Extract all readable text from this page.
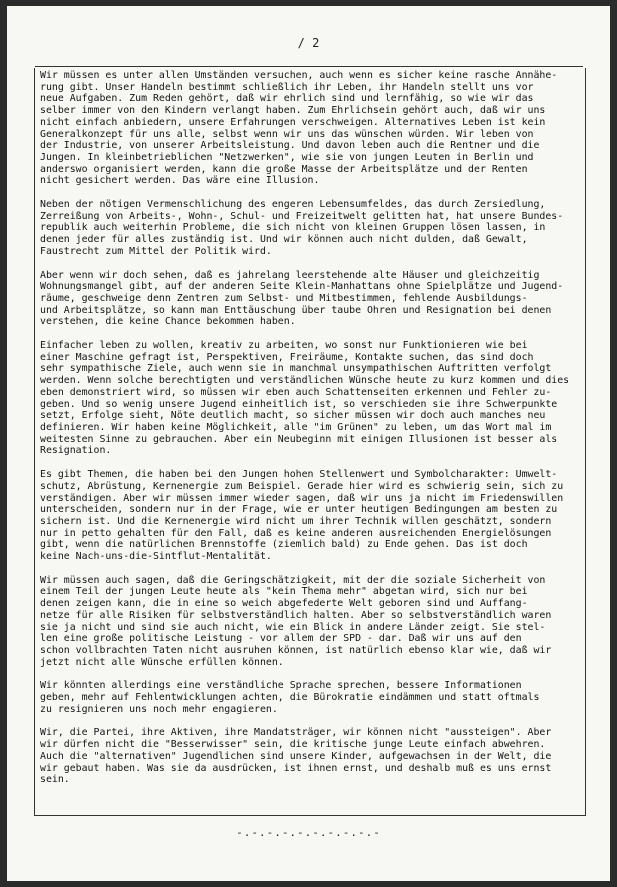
/ 2

Wir müssen es unter allen Umständen versuchen, auch wenn es sicher keine rasche Annähe-
rung gibt. Unser Handeln bestimmt schließlich ihr Leben, ihr Handeln stellt uns vor
neue Aufgaben. Zum Reden gehört, daß wir ehrlich sind und lernfähig, so wie wir das
selber immer von den Kindern verlangt haben. Zum Ehrlichsein gehört auch, daß wir uns
nicht einfach anbiedern, unsere Erfahrungen verschweigen. Alternatives Leben ist kein
Generalkonzept für uns alle, selbst wenn wir uns das wünschen würden. Wir leben von
der Industrie, von unserer Arbeitsleistung. Und davon leben auch die Rentner und die
Jungen. In kleinbetrieblichen "Netzwerken", wie sie von jungen Leuten in Berlin und
anderswo organisiert werden, kann die große Masse der Arbeitsplätze und der Renten
nicht gesichert werden. Das wäre eine Illusion.

Neben der nötigen Vermenschlichung des engeren Lebensumfeldes, das durch Zersiedlung,
Zerreißung von Arbeits-, Wohn-, Schul- und Freizeitwelt gelitten hat, hat unsere Bundes-
republik auch weiterhin Probleme, die sich nicht von kleinen Gruppen lösen lassen, in
denen jeder für alles zuständig ist. Und wir können auch nicht dulden, daß Gewalt,
Faustrecht zum Mittel der Politik wird.

Aber wenn wir doch sehen, daß es jahrelang leerstehende alte Häuser und gleichzeitig
Wohnungsmangel gibt, auf der anderen Seite Klein-Manhattans ohne Spielplätze und Jugend-
räume, geschweige denn Zentren zum Selbst- und Mitbestimmen, fehlende Ausbildungs-
und Arbeitsplätze, so kann man Enttäuschung über taube Ohren und Resignation bei denen
verstehen, die keine Chance bekommen haben.

Einfacher leben zu wollen, kreativ zu arbeiten, wo sonst nur Funktionieren wie bei
einer Maschine gefragt ist, Perspektiven, Freiräume, Kontakte suchen, das sind doch
sehr sympathische Ziele, auch wenn sie in manchmal unsympathischen Auftritten verfolgt
werden. Wenn solche berechtigten und verständlichen Wünsche heute zu kurz kommen und dies
eben demonstriert wird, so müssen wir eben auch Schattenseiten erkennen und Fehler zu-
geben. Und so wenig unsere Jugend einheitlich ist, so verschieden sie ihre Schwerpunkte
setzt, Erfolge sieht, Nöte deutlich macht, so sicher müssen wir doch auch manches neu
definieren. Wir haben keine Möglichkeit, alle "im Grünen" zu leben, um das Wort mal im
weitesten Sinne zu gebrauchen. Aber ein Neubeginn mit einigen Illusionen ist besser als
Resignation.

Es gibt Themen, die haben bei den Jungen hohen Stellenwert und Symbolcharakter: Umwelt-
schutz, Abrüstung, Kernenergie zum Beispiel. Gerade hier wird es schwierig sein, sich zu
verständigen. Aber wir müssen immer wieder sagen, daß wir uns ja nicht im Friedenswillen
unterscheiden, sondern nur in der Frage, wie er unter heutigen Bedingungen am besten zu
sichern ist. Und die Kernenergie wird nicht um ihrer Technik willen geschätzt, sondern
nur in petto gehalten für den Fall, daß es keine anderen ausreichenden Energielösungen
gibt, wenn die natürlichen Brennstoffe (ziemlich bald) zu Ende gehen. Das ist doch
keine Nach-uns-die-Sintflut-Mentalität.

Wir müssen auch sagen, daß die Geringschätzigkeit, mit der die soziale Sicherheit von
einem Teil der jungen Leute heute als "kein Thema mehr" abgetan wird, sich nur bei
denen zeigen kann, die in eine so weich abgefederte Welt geboren sind und Auffang-
netze für alle Risiken für selbstverständlich halten. Aber so selbstverständlich waren
sie ja nicht und sind sie auch nicht, wie ein Blick in andere Länder zeigt. Sie stel-
len eine große politische Leistung - vor allem der SPD - dar. Daß wir uns auf den
schon vollbrachten Taten nicht ausruhen können, ist natürlich ebenso klar wie, daß wir
jetzt nicht alle Wünsche erfüllen können.

Wir könnten allerdings eine verständliche Sprache sprechen, bessere Informationen
geben, mehr auf Fehlentwicklungen achten, die Bürokratie eindämmen und statt oftmals
zu resignieren uns noch mehr engagieren.

Wir, die Partei, ihre Aktiven, ihre Mandatsträger, wir können nicht "aussteigen". Aber
wir dürfen nicht die "Besserwisser" sein, die kritische junge Leute einfach abwehren.
Auch die "alternativen" Jugendlichen sind unsere Kinder, aufgewachsen in der Welt, die
wir gebaut haben. Was sie da ausdrücken, ist ihnen ernst, und deshalb muß es uns ernst
sein.

-.-.-.-.-.-.-.-.-.-
